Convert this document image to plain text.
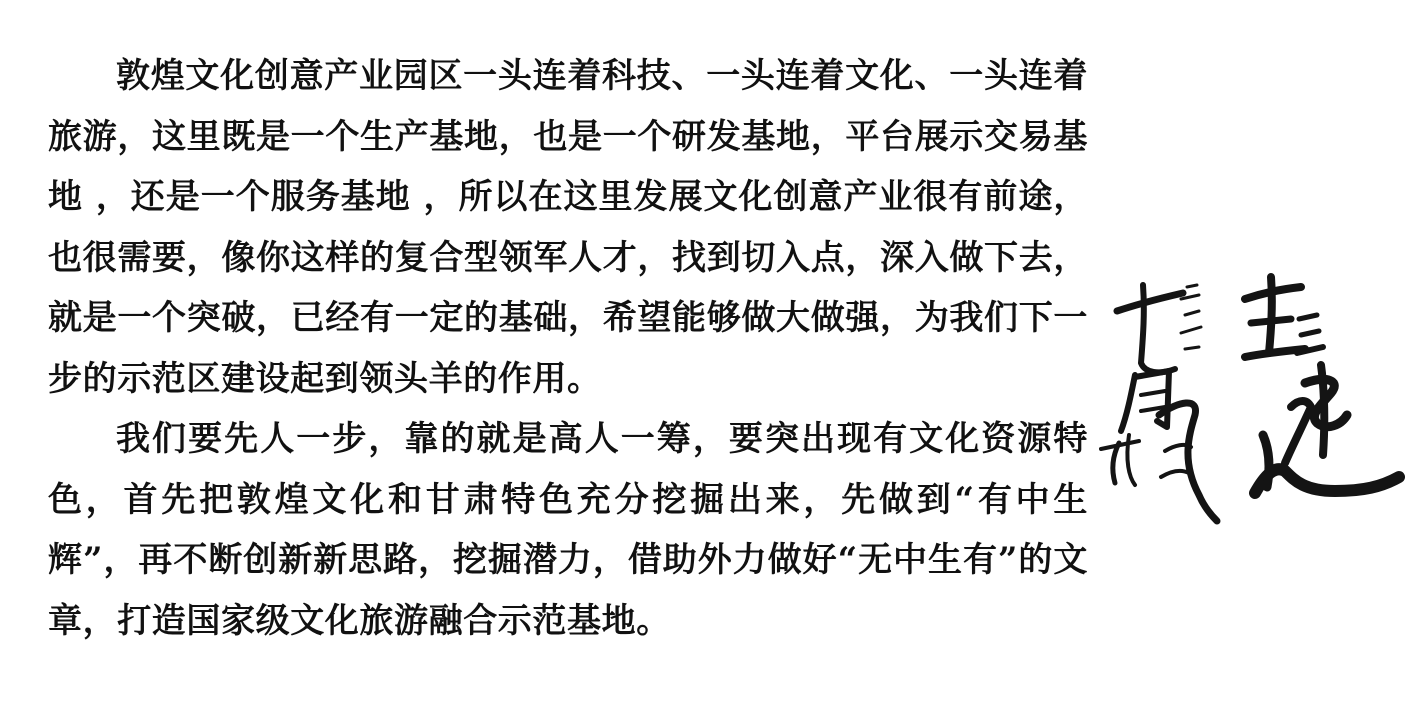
敦煌文化创意产业园区一头连着科技、一头连着文化、一头连着旅游，这里既是一个生产基地，也是一个研发基地，平台展示交易基地 ，还是一个服务基地 ，所以在这里发展文化创意产业很有前途，也很需要，像你这样的复合型领军人才，找到切入点，深入做下去，就是一个突破，已经有一定的基础，希望能够做大做强，为我们下一步的示范区建设起到领头羊的作用。

我们要先人一步，靠的就是高人一筹，要突出现有文化资源特色，首先把敦煌文化和甘肃特色充分挖掘出来，先做到“有中生辉”，再不断创新新思路，挖掘潜力，借助外力做好“无中生有”的文章，打造国家级文化旅游融合示范基地。
